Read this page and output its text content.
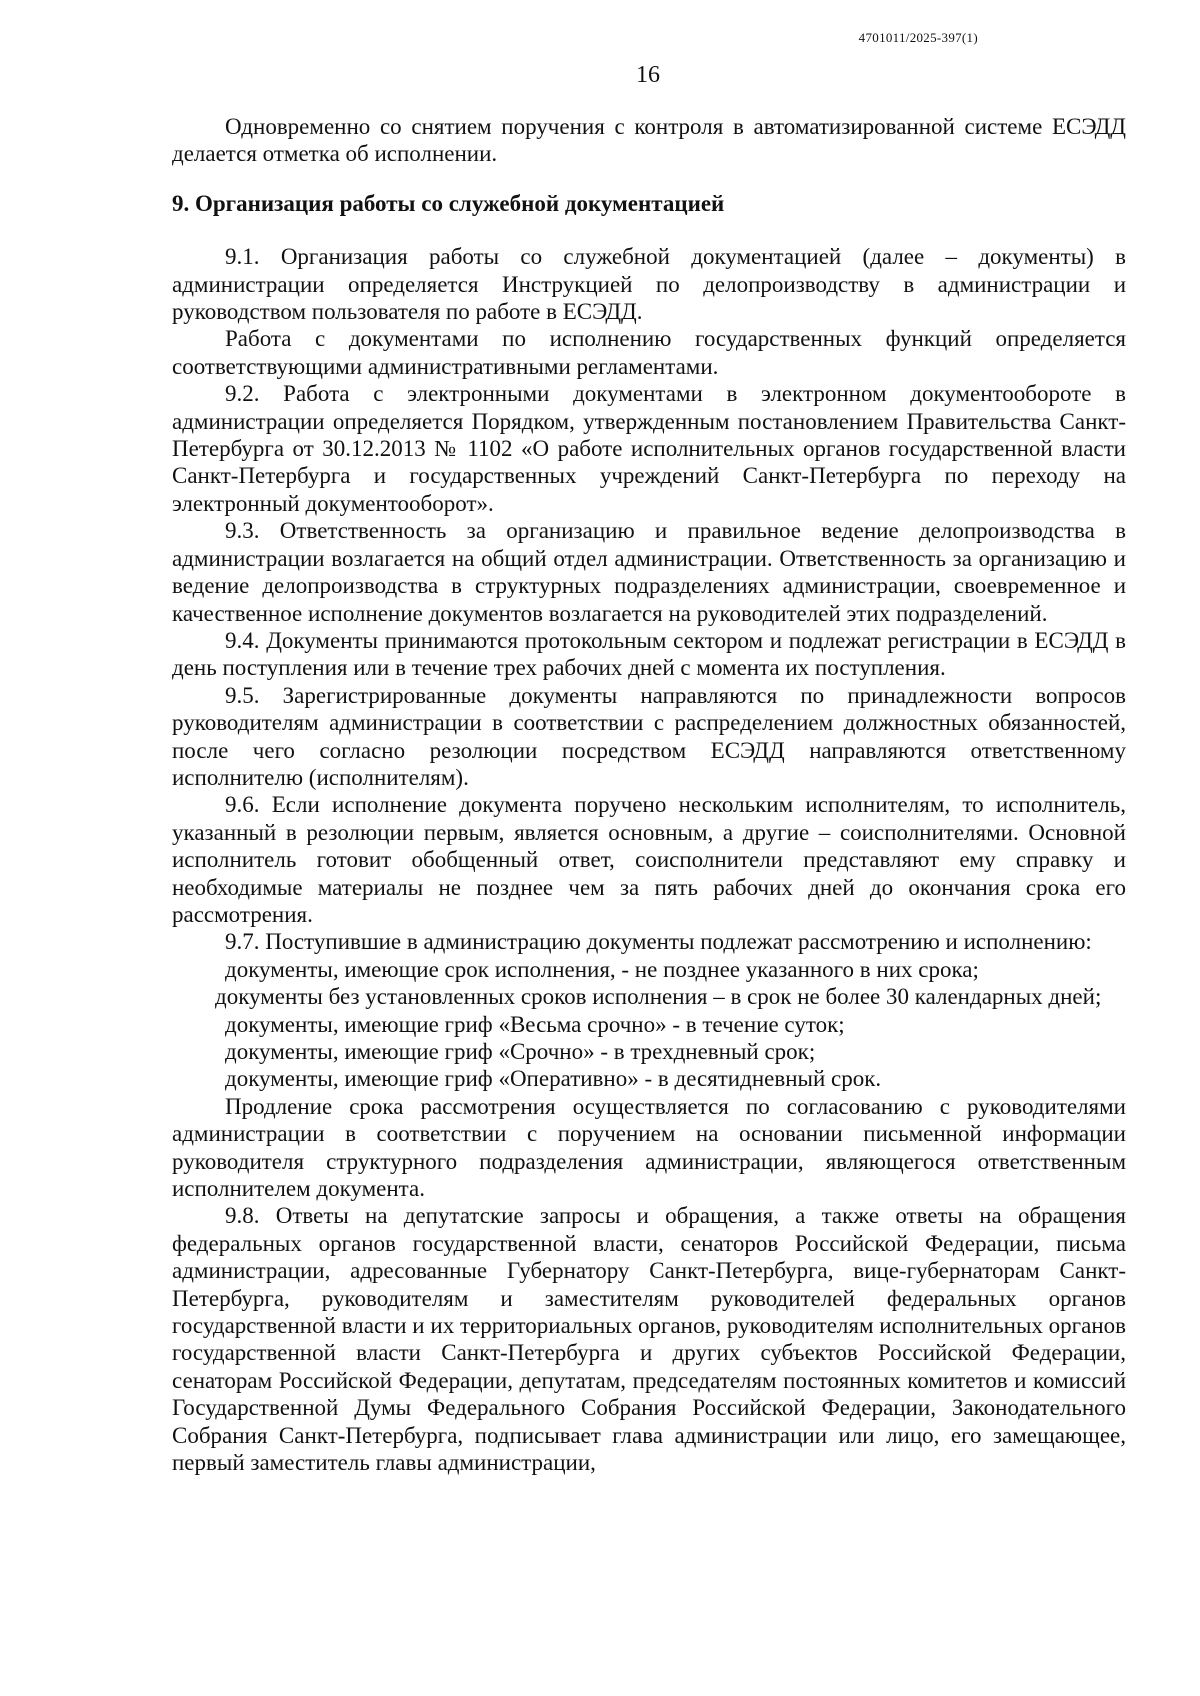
4701011/2025-397(1)
16

Одновременно со снятием поручения с контроля в автоматизированной системе ЕСЭДД делается отметка об исполнении.

9. Организация работы со служебной документацией

9.1. Организация работы со служебной документацией (далее – документы) в администрации определяется Инструкцией по делопроизводству в администрации и руководством пользователя по работе в ЕСЭДД.

Работа с документами по исполнению государственных функций определяется соответствующими административными регламентами.

9.2. Работа с электронными документами в электронном документообороте в администрации определяется Порядком, утвержденным постановлением Правительства Санкт-Петербурга от 30.12.2013 № 1102 «О работе исполнительных органов государственной власти Санкт-Петербурга и государственных учреждений Санкт-Петербурга по переходу на электронный документооборот».

9.3. Ответственность за организацию и правильное ведение делопроизводства в администрации возлагается на общий отдел администрации. Ответственность за организацию и ведение делопроизводства в структурных подразделениях администрации, своевременное и качественное исполнение документов возлагается на руководителей этих подразделений.

9.4. Документы принимаются протокольным сектором и подлежат регистрации в ЕСЭДД в день поступления или в течение трех рабочих дней с момента их поступления.

9.5. Зарегистрированные документы направляются по принадлежности вопросов руководителям администрации в соответствии с распределением должностных обязанностей, после чего согласно резолюции посредством ЕСЭДД направляются ответственному исполнителю (исполнителям).

9.6. Если исполнение документа поручено нескольким исполнителям, то исполнитель, указанный в резолюции первым, является основным, а другие – соисполнителями. Основной исполнитель готовит обобщенный ответ, соисполнители представляют ему справку и необходимые материалы не позднее чем за пять рабочих дней до окончания срока его рассмотрения.

9.7. Поступившие в администрацию документы подлежат рассмотрению и исполнению:

документы, имеющие срок исполнения, - не позднее указанного в них срока;

документы без установленных сроков исполнения – в срок не более 30 календарных дней;

документы, имеющие гриф «Весьма срочно» - в течение суток;

документы, имеющие гриф «Срочно» - в трехдневный срок;

документы, имеющие гриф «Оперативно» - в десятидневный срок.

Продление срока рассмотрения осуществляется по согласованию с руководителями администрации в соответствии с поручением на основании письменной информации руководителя структурного подразделения администрации, являющегося ответственным исполнителем документа.

9.8. Ответы на депутатские запросы и обращения, а также ответы на обращения федеральных органов государственной власти, сенаторов Российской Федерации, письма администрации, адресованные Губернатору Санкт-Петербурга, вице-губернаторам Санкт-Петербурга, руководителям и заместителям руководителей федеральных органов государственной власти и их территориальных органов, руководителям исполнительных органов государственной власти Санкт-Петербурга и других субъектов Российской Федерации, сенаторам Российской Федерации, депутатам, председателям постоянных комитетов и комиссий Государственной Думы Федерального Собрания Российской Федерации, Законодательного Собрания Санкт-Петербурга, подписывает глава администрации или лицо, его замещающее, первый заместитель главы администрации,
